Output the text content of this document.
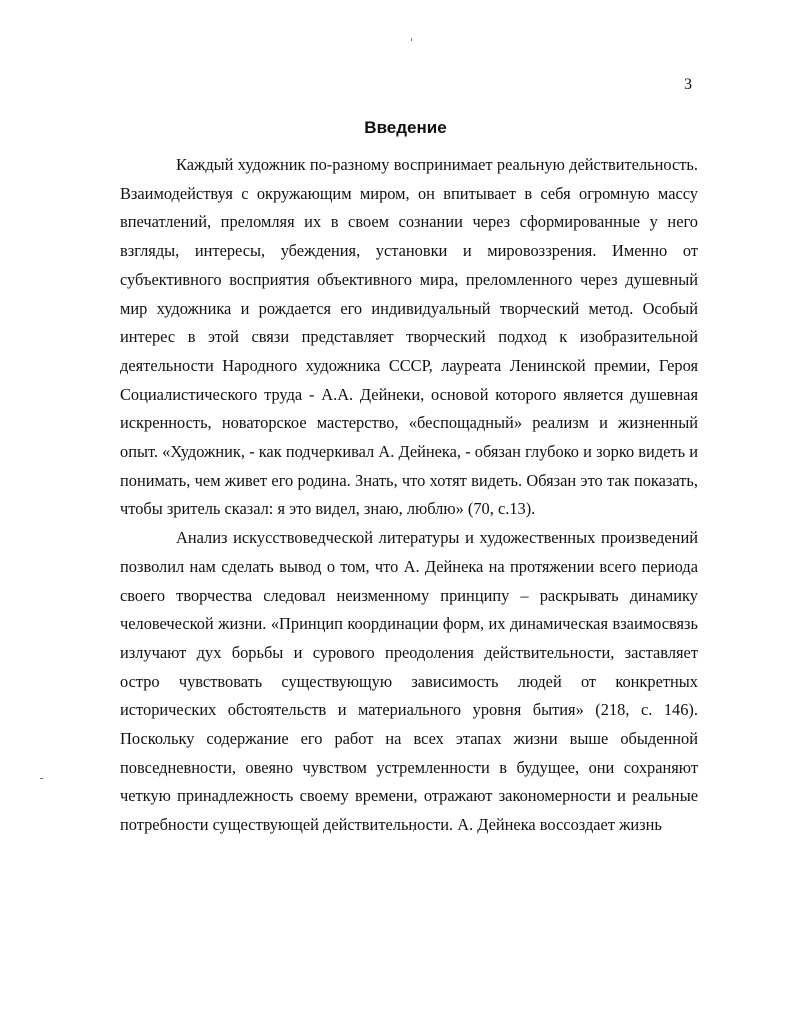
3
Введение

Каждый художник по-разному воспринимает реальную действительность. Взаимодействуя с окружающим миром, он впитывает в себя огромную массу впечатлений, преломляя их в своем сознании через сформированные у него взгляды, интересы, убеждения, установки и мировоззрения. Именно от субъективного восприятия объективного мира, преломленного через душевный мир художника и рождается его индивидуальный творческий метод. Особый интерес в этой связи представляет творческий подход к изобразительной деятельности Народного художника СССР, лауреата Ленинской премии, Героя Социалистического труда - А.А. Дейнеки, основой которого является душевная искренность, новаторское мастерство, «беспощадный» реализм и жизненный опыт. «Художник, - как подчеркивал А. Дейнека, - обязан глубоко и зорко видеть и понимать, чем живет его родина. Знать, что хотят видеть. Обязан это так показать, чтобы зритель сказал: я это видел, знаю, люблю» (70, с.13).

Анализ искусствоведческой литературы и художественных произведений позволил нам сделать вывод о том, что А. Дейнека на протяжении всего периода своего творчества следовал неизменному принципу – раскрывать динамику человеческой жизни. «Принцип координации форм, их динамическая взаимосвязь излучают дух борьбы и сурового преодоления действительности, заставляет остро чувствовать существующую зависимость людей от конкретных исторических обстоятельств и материального уровня бытия» (218, с. 146). Поскольку содержание его работ на всех этапах жизни выше обыденной повседневности, овеяно чувством устремленности в будущее, они сохраняют четкую принадлежность своему времени, отражают закономерности и реальные потребности существующей действительности. А. Дейнека воссоздает жизнь
